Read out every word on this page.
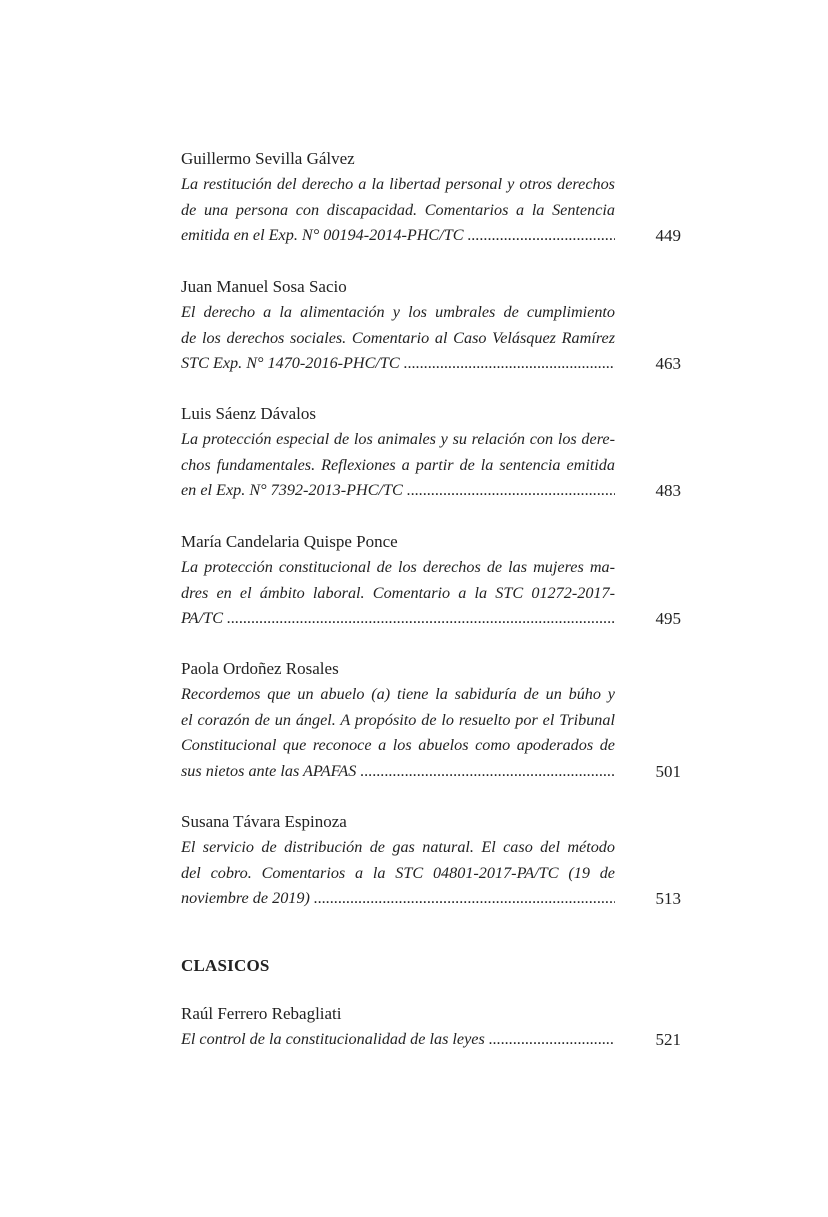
Guillermo Sevilla Gálvez
La restitución del derecho a la libertad personal y otros derechos
de una persona con discapacidad. Comentarios a la Sentencia
emitida en el Exp. N° 00194-2014-PHC/TC .....	449
Juan Manuel Sosa Sacio
El derecho a la alimentación y los umbrales de cumplimiento
de los derechos sociales. Comentario al Caso Velásquez Ramírez
STC Exp. N° 1470-2016-PHC/TC .....	463
Luis Sáenz Dávalos
La protección especial de los animales y su relación con los dere-
chos fundamentales. Reflexiones a partir de la sentencia emitida
en el Exp. N° 7392-2013-PHC/TC .....	483
María Candelaria Quispe Ponce
La protección constitucional de los derechos de las mujeres ma-
dres en el ámbito laboral. Comentario a la STC 01272-2017-
PA/TC .....	495
Paola Ordoñez Rosales
Recordemos que un abuelo (a) tiene la sabiduría de un búho y
el corazón de un ángel. A propósito de lo resuelto por el Tribunal
Constitucional que reconoce a los abuelos como apoderados de
sus nietos ante las APAFAS .....	501
Susana Távara Espinoza
El servicio de distribución de gas natural. El caso del método
del cobro. Comentarios a la STC 04801-2017-PA/TC (19 de
noviembre de 2019) .....	513
CLASICOS
Raúl Ferrero Rebagliati
El control de la constitucionalidad de las leyes .....	521
